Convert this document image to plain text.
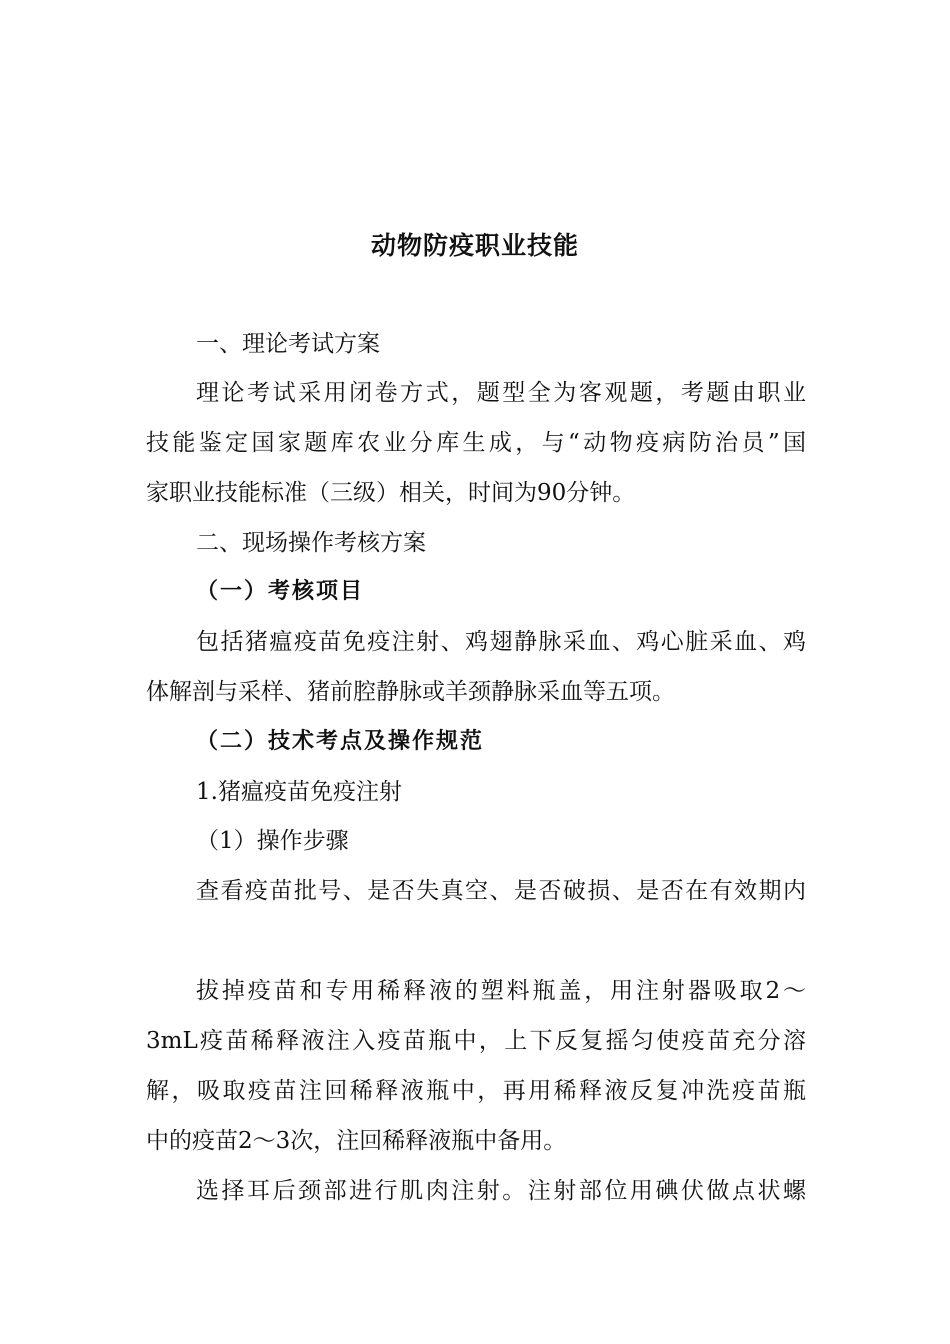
动物防疫职业技能
一、理论考试方案
理论考试采用闭卷方式，题型全为客观题，考题由职业
技能鉴定国家题库农业分库生成，与“动物疫病防治员”国
家职业技能标准（三级）相关，时间为90分钟。
二、现场操作考核方案
（一）考核项目
包括猪瘟疫苗免疫注射、鸡翅静脉采血、鸡心脏采血、鸡
体解剖与采样、猪前腔静脉或羊颈静脉采血等五项。
（二）技术考点及操作规范
1.猪瘟疫苗免疫注射
（1）操作步骤
查看疫苗批号、是否失真空、是否破损、是否在有效期内
拔掉疫苗和专用稀释液的塑料瓶盖，用注射器吸取2～
3mL疫苗稀释液注入疫苗瓶中，上下反复摇匀使疫苗充分溶
解，吸取疫苗注回稀释液瓶中，再用稀释液反复冲洗疫苗瓶
中的疫苗2～3次，注回稀释液瓶中备用。
选择耳后颈部进行肌肉注射。注射部位用碘伏做点状螺
